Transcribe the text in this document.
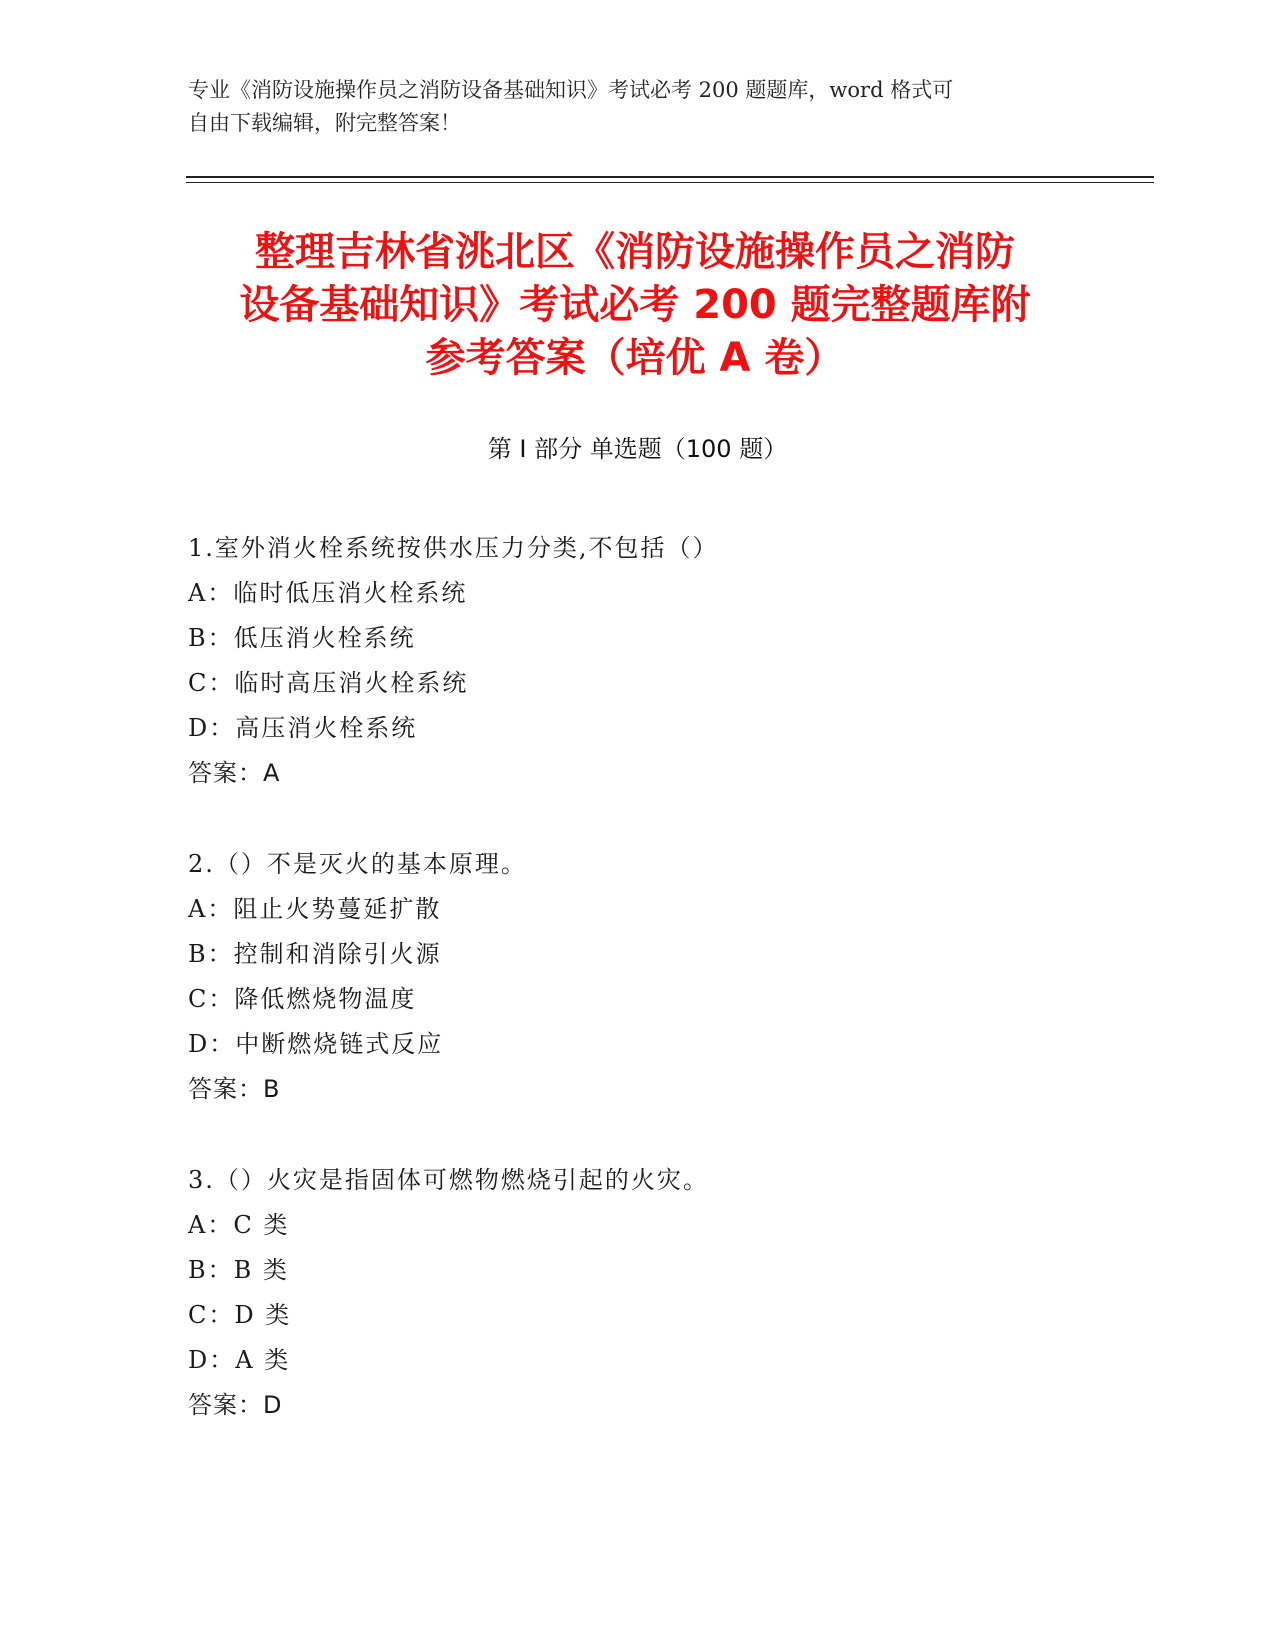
专业《消防设施操作员之消防设备基础知识》考试必考 200 题题库，word 格式可
自由下载编辑，附完整答案！
整理吉林省洮北区《消防设施操作员之消防
设备基础知识》考试必考 200 题完整题库附
参考答案（培优 A 卷）
第 I 部分 单选题（100 题）
1.室外消火栓系统按供水压力分类,不包括（）
A：临时低压消火栓系统
B：低压消火栓系统
C：临时高压消火栓系统
D：高压消火栓系统
答案：A
2.（）不是灭火的基本原理。
A：阻止火势蔓延扩散
B：控制和消除引火源
C：降低燃烧物温度
D：中断燃烧链式反应
答案：B
3.（）火灾是指固体可燃物燃烧引起的火灾。
A：C 类
B：B 类
C：D 类
D：A 类
答案：D
